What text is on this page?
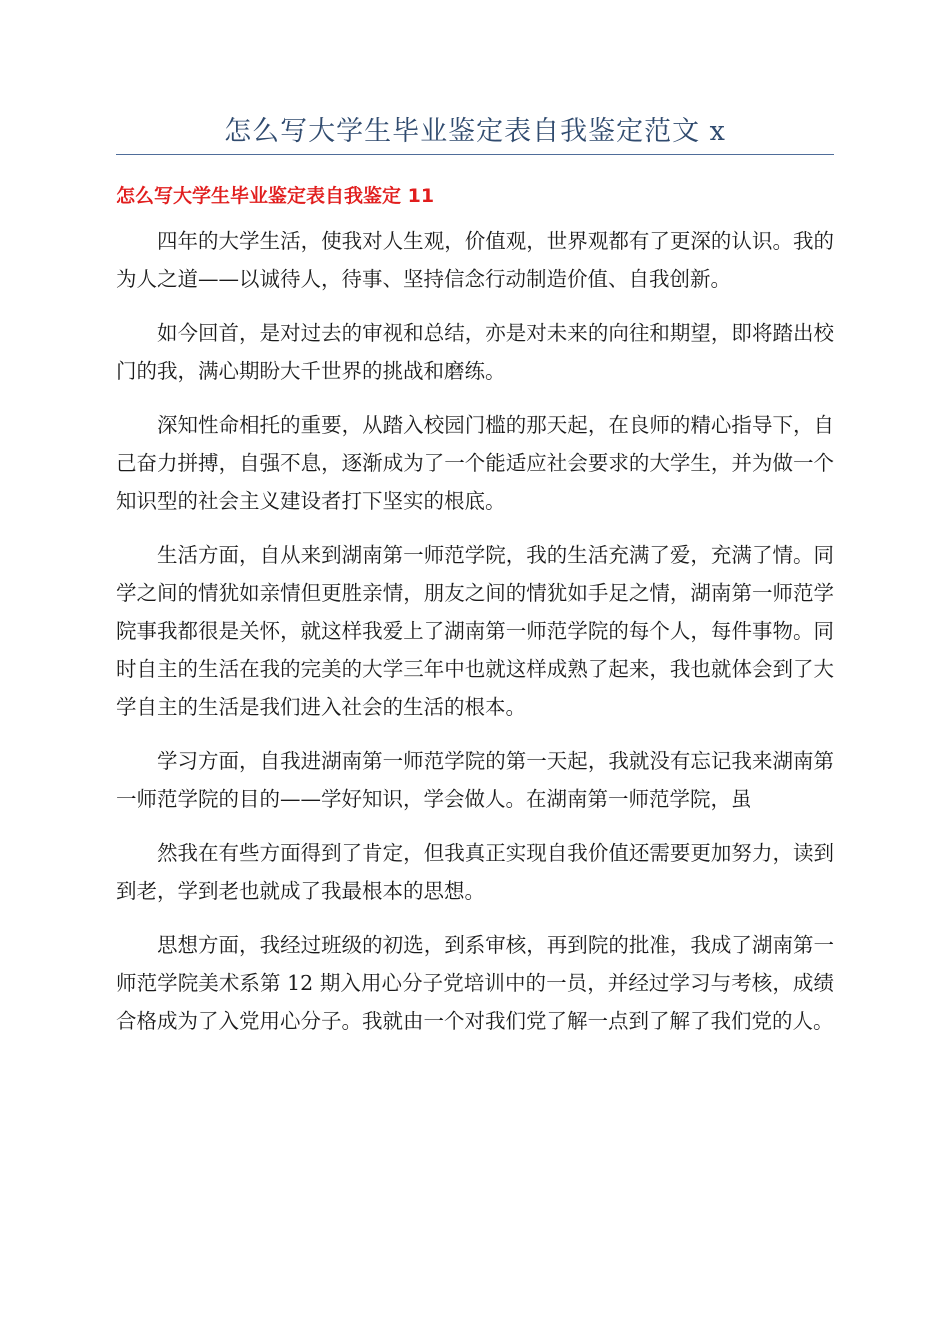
怎么写大学生毕业鉴定表自我鉴定范文 x
怎么写大学生毕业鉴定表自我鉴定 11

四年的大学生活，使我对人生观，价值观，世界观都有了更深的认识。我的为人之道——以诚待人，待事、坚持信念行动制造价值、自我创新。

如今回首，是对过去的审视和总结，亦是对未来的向往和期望，即将踏出校门的我，满心期盼大千世界的挑战和磨练。

深知性命相托的重要，从踏入校园门槛的那天起，在良师的精心指导下，自己奋力拼搏，自强不息，逐渐成为了一个能适应社会要求的大学生，并为做一个知识型的社会主义建设者打下坚实的根底。

生活方面，自从来到湖南第一师范学院，我的生活充满了爱，充满了情。同学之间的情犹如亲情但更胜亲情，朋友之间的情犹如手足之情，湖南第一师范学院事我都很是关怀，就这样我爱上了湖南第一师范学院的每个人，每件事物。同时自主的生活在我的完美的大学三年中也就这样成熟了起来，我也就体会到了大学自主的生活是我们进入社会的生活的根本。

学习方面，自我进湖南第一师范学院的第一天起，我就没有忘记我来湖南第一师范学院的目的——学好知识，学会做人。在湖南第一师范学院，虽

然我在有些方面得到了肯定，但我真正实现自我价值还需要更加努力，读到到老，学到老也就成了我最根本的思想。

思想方面，我经过班级的初选，到系审核，再到院的批准，我成了湖南第一师范学院美术系第 12 期入用心分子党培训中的一员，并经过学习与考核，成绩合格成为了入党用心分子。我就由一个对我们党了解一点到了解了我们党的人。
